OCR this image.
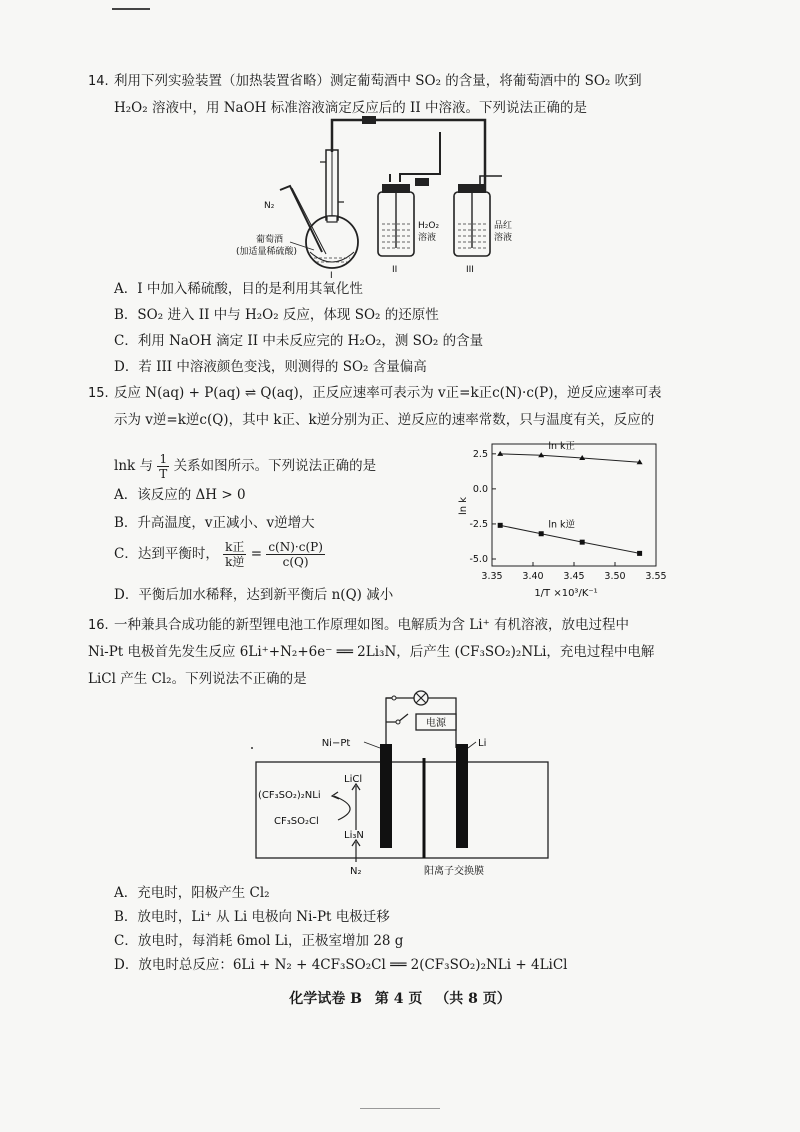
14. 利用下列实验装置（加热装置省略）测定葡萄酒中 SO₂ 的含量，将葡萄酒中的 SO₂ 吹到
H₂O₂ 溶液中，用 NaOH 标准溶液滴定反应后的 II 中溶液。下列说法正确的是
N₂
葡萄酒
(加适量稀硫酸)
I
H₂O₂
溶液
II
品红
溶液
III
A．I 中加入稀硫酸，目的是利用其氧化性
B．SO₂ 进入 II 中与 H₂O₂ 反应，体现 SO₂ 的还原性
C．利用 NaOH 滴定 II 中未反应完的 H₂O₂，测 SO₂ 的含量
D．若 III 中溶液颜色变浅，则测得的 SO₂ 含量偏高
15. 反应 N(aq) + P(aq) ⇌ Q(aq)，正反应速率可表示为 v正=k正c(N)·c(P)，逆反应速率可表
示为 v逆=k逆c(Q)，其中 k正、k逆分别为正、逆反应的速率常数，只与温度有关，反应的
lnk 与 $\frac{1}{T}$ 关系如图所示。下列说法正确的是
A．该反应的 ΔH > 0
B．升高温度，v正减小、v逆增大
C．达到平衡时， $\frac{\text{k正}}{\text{k逆}} = \frac{c(N)\cdot c(P)}{c(Q)}$
D．平衡后加水稀释，达到新平衡后 n(Q) 减小
3.35 3.40 3.45 3.50 3.55
2.5
0.0
-2.5
-5.0
ln k正
ln k逆
ln k
1/T ×10³/K⁻¹
16. 一种兼具合成功能的新型锂电池工作原理如图。电解质为含 Li⁺ 有机溶液，放电过程中
Ni-Pt 电极首先发生反应 6Li⁺+N₂+6e⁻ ══ 2Li₃N，后产生 (CF₃SO₂)₂NLi，充电过程中电解
LiCl 产生 Cl₂。下列说法不正确的是
电源
Ni−Pt	Li
LiCl
(CF₃SO₂)₂NLi
CF₃SO₂Cl
Li₃N
N₂	阳离子交换膜
A．充电时，阳极产生 Cl₂
B．放电时，Li⁺ 从 Li 电极向 Ni-Pt 电极迁移
C．放电时，每消耗 6mol Li，正极室增加 28 g
D．放电时总反应：6Li + N₂ + 4CF₃SO₂Cl ══ 2(CF₃SO₂)₂NLi + 4LiCl
化学试卷 B 第 4 页 （共 8 页）
